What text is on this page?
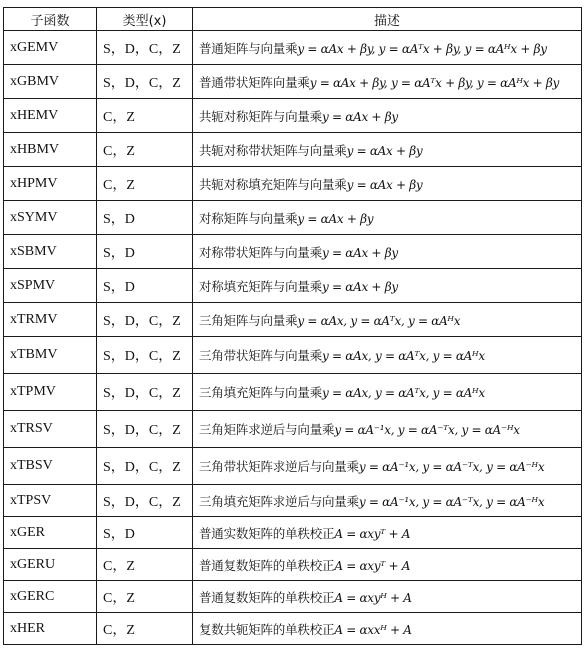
子函数	类型(x)	描述
xGEMV	S，D，C，Z	普通矩阵与向量乘y = αAx + βy, y = αAᵀx + βy, y = αAᴴx + βy
xGBMV	S，D，C，Z	普通带状矩阵向量乘y = αAx + βy, y = αAᵀx + βy, y = αAᴴx + βy
xHEMV	C，Z	共轭对称矩阵与向量乘y = αAx + βy
xHBMV	C，Z	共轭对称带状矩阵与向量乘y = αAx + βy
xHPMV	C，Z	共轭对称填充矩阵与向量乘y = αAx + βy
xSYMV	S，D	对称矩阵与向量乘y = αAx + βy
xSBMV	S，D	对称带状矩阵与向量乘y = αAx + βy
xSPMV	S，D	对称填充矩阵与向量乘y = αAx + βy
xTRMV	S，D，C，Z	三角矩阵与向量乘y = αAx, y = αAᵀx, y = αAᴴx
xTBMV	S，D，C，Z	三角带状矩阵与向量乘y = αAx, y = αAᵀx, y = αAᴴx
xTPMV	S，D，C，Z	三角填充矩阵与向量乘y = αAx, y = αAᵀx, y = αAᴴx
xTRSV	S，D，C，Z	三角矩阵求逆后与向量乘y = αA⁻¹x, y = αA⁻ᵀx, y = αA⁻ᴴx
xTBSV	S，D，C，Z	三角带状矩阵求逆后与向量乘y = αA⁻¹x, y = αA⁻ᵀx, y = αA⁻ᴴx
xTPSV	S，D，C，Z	三角填充矩阵求逆后与向量乘y = αA⁻¹x, y = αA⁻ᵀx, y = αA⁻ᴴx
xGER	S，D	普通实数矩阵的单秩校正A = αxyᵀ + A
xGERU	C，Z	普通复数矩阵的单秩校正A = αxyᵀ + A
xGERC	C，Z	普通复数矩阵的单秩校正A = αxyᴴ + A
xHER	C，Z	复数共轭矩阵的单秩校正A = αxxᴴ + A
